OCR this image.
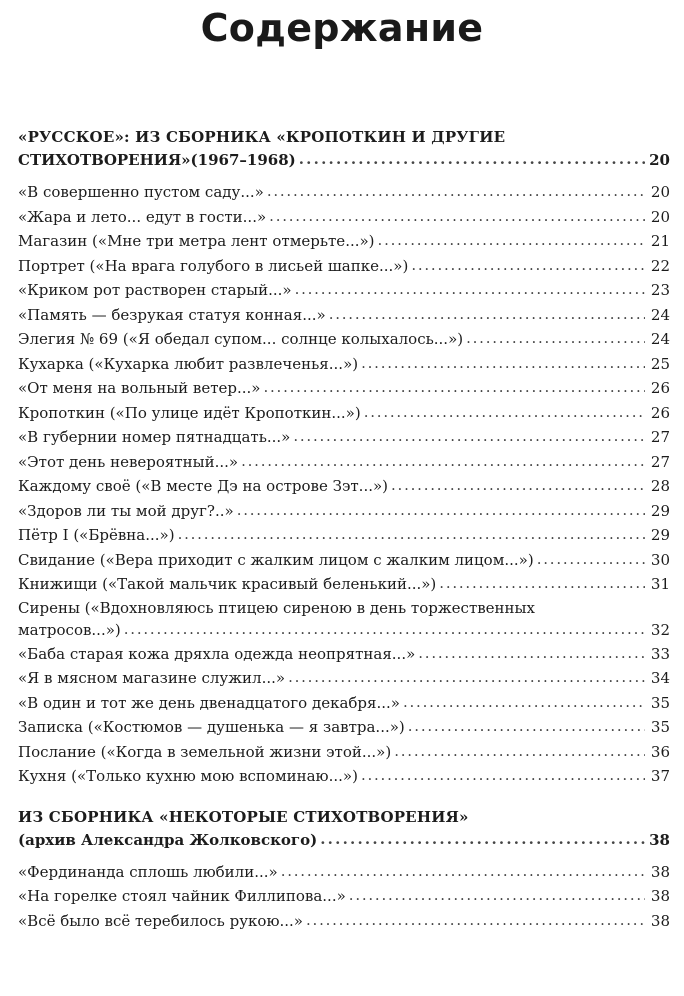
Содержание
«РУССКОЕ»: ИЗ СБОРНИКА «КРОПОТКИН И ДРУГИЕ
СТИХОТВОРЕНИЯ»(1967–1968) . . .	20
«В совершенно пустом саду...» . . .	20
«Жара и лето... едут в гости...» . . .	20
Магазин («Мне три метра лент отмерьте...») . . .	21
Портрет («На врага голубого в лисьей шапке...») . . .	22
«Криком рот растворен старый...» . . .	23
«Память — безрукая статуя конная...» . . .	24
Элегия № 69 («Я обедал супом... солнце колыхалось...») . . .	24
Кухарка («Кухарка любит развлеченья...») . . .	25
«От меня на вольный ветер...» . . .	26
Кропоткин («По улице идёт Кропоткин...») . . .	26
«В губернии номер пятнадцать...» . . .	27
«Этот день невероятный...» . . .	27
Каждому своё («В месте Дэ на острове Зэт...») . . .	28
«Здоров ли ты мой друг?..» . . .	29
Пётр I («Брёвна...») . . .	29
Свидание («Вера приходит с жалким лицом с жалким лицом...») . . .	30
Книжищи («Такой мальчик красивый беленький...») . . .	31
Сирены («Вдохновляюсь птицею сиреною в день торжественных
матросов...») . . .	32
«Баба старая кожа дряхла одежда неопрятная...» . . .	33
«Я в мясном магазине служил...» . . .	34
«В один и тот же день двенадцатого декабря...» . . .	35
Записка («Костюмов — душенька — я завтра...») . . .	35
Послание («Когда в земельной жизни этой...») . . .	36
Кухня («Только кухню мою вспоминаю...») . . .	37
ИЗ СБОРНИКА «НЕКОТОРЫЕ СТИХОТВОРЕНИЯ»
(архив Александра Жолковского) . . .	38
«Фердинанда сплошь любили...» . . .	38
«На горелке стоял чайник Филлипова...» . . .	38
«Всё было всё теребилось рукою...» . . .	38
